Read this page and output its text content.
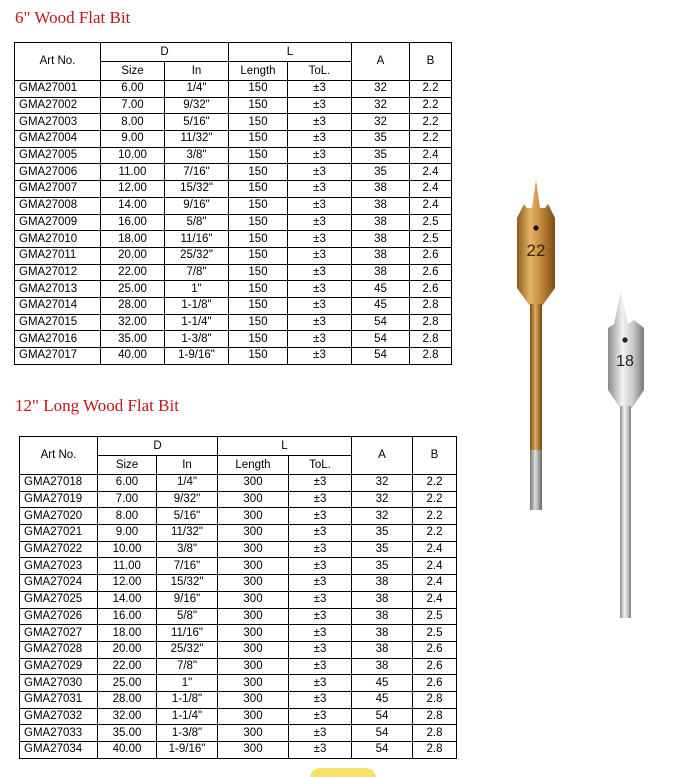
6" Wood Flat Bit
Art No.	D		L		A	B
	Size	In	Length	ToL.		
GMA27001	6.00	1/4"	150	±3	32	2.2
GMA27002	7.00	9/32"	150	±3	32	2.2
GMA27003	8.00	5/16"	150	±3	32	2.2
GMA27004	9.00	11/32"	150	±3	35	2.2
GMA27005	10.00	3/8"	150	±3	35	2.4
GMA27006	11.00	7/16"	150	±3	35	2.4
GMA27007	12.00	15/32"	150	±3	38	2.4
GMA27008	14.00	9/16"	150	±3	38	2.4
GMA27009	16.00	5/8"	150	±3	38	2.5
GMA27010	18.00	11/16"	150	±3	38	2.5
GMA27011	20.00	25/32"	150	±3	38	2.6
GMA27012	22.00	7/8"	150	±3	38	2.6
GMA27013	25.00	1"	150	±3	45	2.6
GMA27014	28.00	1-1/8"	150	±3	45	2.8
GMA27015	32.00	1-1/4"	150	±3	54	2.8
GMA27016	35.00	1-3/8"	150	±3	54	2.8
GMA27017	40.00	1-9/16"	150	±3	54	2.8
12" Long Wood Flat Bit
Art No.	D		L		A	B
	Size	In	Length	ToL.		
GMA27018	6.00	1/4"	300	±3	32	2.2
GMA27019	7.00	9/32"	300	±3	32	2.2
GMA27020	8.00	5/16"	300	±3	32	2.2
GMA27021	9.00	11/32"	300	±3	35	2.2
GMA27022	10.00	3/8"	300	±3	35	2.4
GMA27023	11.00	7/16"	300	±3	35	2.4
GMA27024	12.00	15/32"	300	±3	38	2.4
GMA27025	14.00	9/16"	300	±3	38	2.4
GMA27026	16.00	5/8"	300	±3	38	2.5
GMA27027	18.00	11/16"	300	±3	38	2.5
GMA27028	20.00	25/32"	300	±3	38	2.6
GMA27029	22.00	7/8"	300	±3	38	2.6
GMA27030	25.00	1"	300	±3	45	2.6
GMA27031	28.00	1-1/8"	300	±3	45	2.8
GMA27032	32.00	1-1/4"	300	±3	54	2.8
GMA27033	35.00	1-3/8"	300	±3	54	2.8
GMA27034	40.00	1-9/16"	300	±3	54	2.8
22
18
